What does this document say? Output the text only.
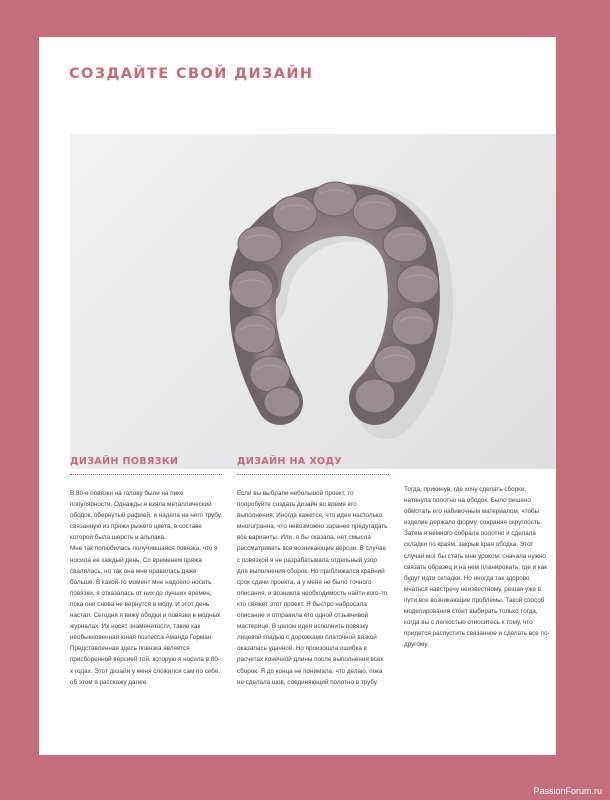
СОЗДАЙТЕ СВОЙ ДИЗАЙН
ДИЗАЙН ПОВЯЗКИ

В 80-е повязки на голову были на пике популярности. Однажды я взяла металлический ободок, обернутый рафией, и надела на него трубу, связанную из пряжи рыжего цвета, в составе которой была шерсть и альпака.

Мне так полюбилась получившаяся повязка, что я носила ее каждый день. Со временем пряжа свалялась, но так она мне нравилась даже больше. В какой-то момент мне надоело носить повязки, я отказалась от них до лучших времен, пока они снова не вернутся в моду. И этот день настал. Сегодня я вижу ободки и повязки в модных журналах. Их носят знаменитости, такие как необыкновенная юная поэтесса Аманда Горман. Представленная здесь повязка является присборенной версией той, которую я носила в 80-х годах. Этот дизайн у меня сложился сам по себе, об этом я расскажу далее.

ДИЗАЙН НА ХОДУ

Если вы выбрали небольшой проект, то попробуйте создать дизайн во время его выполнения. Иногда кажется, что идея настолько многогранна, что невозможно заранее предугадать все варианты. Или, я бы сказала, нет смысла рассматривать все возникающие версии. В случае с повязкой я не разрабатывала отдельный узор для выполнения сборок. Но приближался крайний срок сдачи проекта, а у меня не было точного описания, и возникла необходимость найти кого-то, кто свяжет этот проект. Я быстро набросала описание и отправила его одной отзывчивой мастерице. В целом идея исполнить повязку лицевой гладью с дорожками платочной вязкой оказалась удачной. Но произошла ошибка в расчетах конечной длины после выполнения всех сборок. Я до конца не понимала, что делаю, пока не сделала шов, соединяющий полотно в трубу.

Тогда, прикинув, где хочу сделать сборки, натянула полотно на ободок. Было решено обмотать его набивочным материалом, чтобы изделие держало форму, сохраняя округлость. Затем я немного собрала полотно и сделала складки по краям, закрыв края ободка. Этот случай мог бы стать мне уроком: сначала нужно связать образец и на нем планировать, где и как будут идти складки. Но иногда так здорово мчаться навстречу неизвестному, решая уже в пути все возникающие проблемы. Такой способ моделирования стоит выбирать только тогда, когда вы с легкостью относитесь к тому, что придется распустить связанное и сделать все по-другому.

PassionForum.ru
